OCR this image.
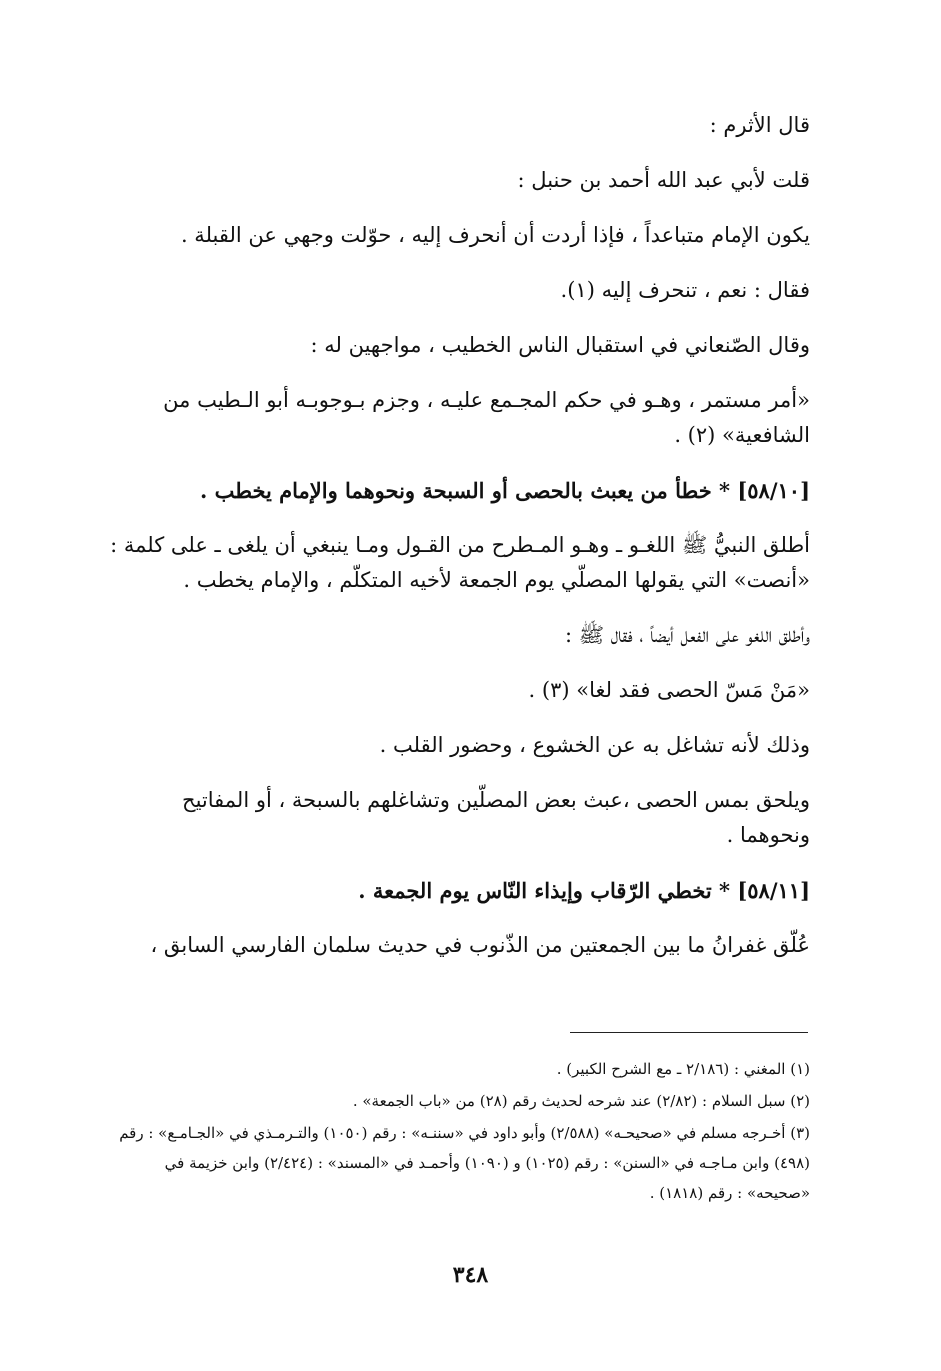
قال الأثرم :

قلت لأبي عبد الله أحمد بن حنبل :

يكون الإمام متباعداً ، فإذا أردت أن أنحرف إليه ، حوّلت وجهي عن القبلة .

فقال : نعم ، تنحرف إليه (١).

وقال الصّنعاني في استقبال الناس الخطيب ، مواجهين له :

«أمر مستمر ، وهـو في حكم المجـمع عليـه ، وجزم بـوجوبـه أبو الـطيب من الشافعية» (٢) .

[٥٨/١٠] * خطأ من يعبث بالحصى أو السبحة ونحوهما والإمام يخطب .

أطلق النبيُّ ﷺ اللغـو ـ وهـو المـطرح من القـول ومـا ينبغي أن يلغى ـ على كلمة : «أنصت» التي يقولها المصلّي يوم الجمعة لأخيه المتكلّم ، والإمام يخطب .

وأطلق اللغو على الفعل أيضاً ، فقال ﷺ :

«مَنْ مَسّ الحصى فقد لغا» (٣) .

وذلك لأنه تشاغل به عن الخشوع ، وحضور القلب .

ويلحق بمس الحصى ،عبث بعض المصلّين وتشاغلهم بالسبحة ، أو المفاتيح ونحوهما .

[٥٨/١١] * تخطي الرّقاب وإيذاء النّاس يوم الجمعة .

عُلّق غفرانُ ما بين الجمعتين من الذّنوب في حديث سلمان الفارسي السابق ،

(١) المغني : (٢/١٨٦ ـ مع الشرح الكبير) .

(٢) سبل السلام : (٢/٨٢) عند شرحه لحديث رقم (٢٨) من «باب الجمعة» .

(٣) أخـرجه مسلم في «صحيحـه» (٢/٥٨٨) وأبو داود في «سننـه» : رقم (١٠٥٠) والتـرمـذي في «الجـامـع» : رقم (٤٩٨) وابن مـاجـه في «السنن» : رقم (١٠٢٥) و (١٠٩٠) وأحمـد في «المسند» : (٢/٤٢٤) وابن خزيمة في «صحيحه» : رقم (١٨١٨) .

٣٤٨
